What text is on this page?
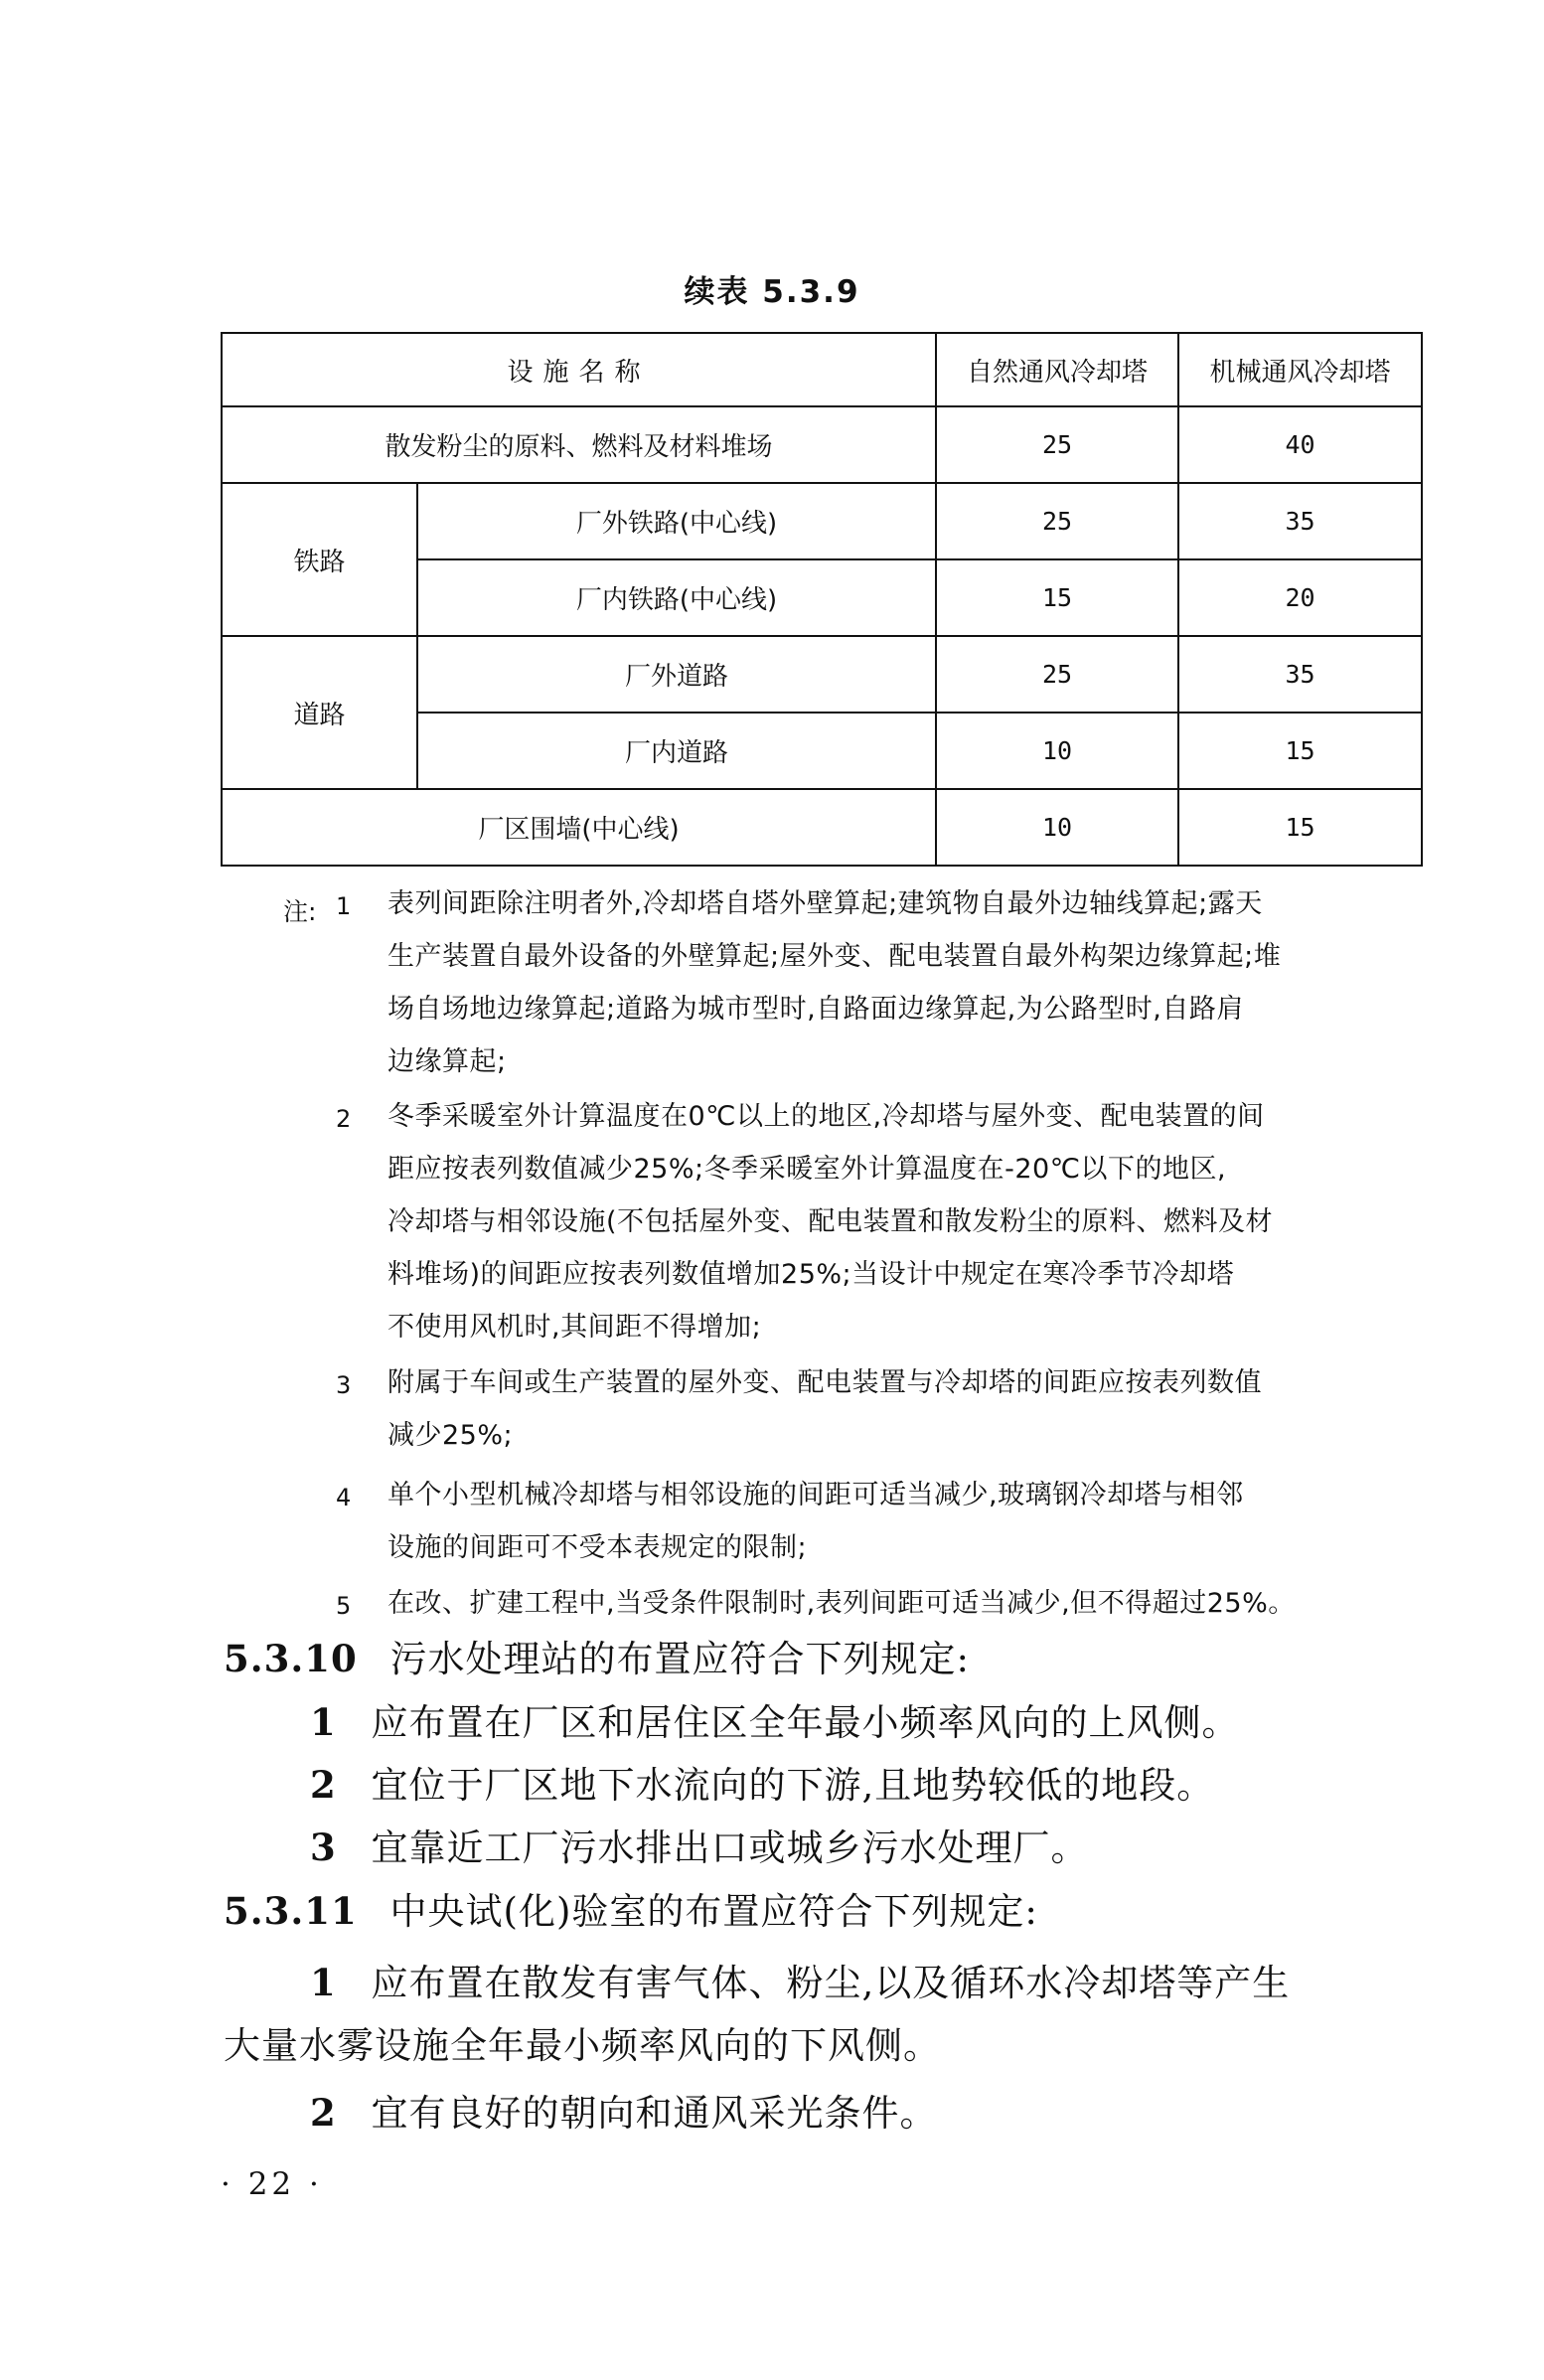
续表 5.3.9
设施名称		自然通风冷却塔	机械通风冷却塔
散发粉尘的原料、燃料及材料堆场		25	40
铁路	厂外铁路(中心线)	25	35
	厂内铁路(中心线)	15	20
道路	厂外道路	25	35
	厂内道路	10	15
厂区围墙(中心线)		10	15
注: 1 表列间距除注明者外,冷却塔自塔外壁算起;建筑物自最外边轴线算起;露天
生产装置自最外设备的外壁算起;屋外变、配电装置自最外构架边缘算起;堆
场自场地边缘算起;道路为城市型时,自路面边缘算起,为公路型时,自路肩
边缘算起;
2 冬季采暖室外计算温度在0℃以上的地区,冷却塔与屋外变、配电装置的间
距应按表列数值减少25%;冬季采暖室外计算温度在-20℃以下的地区,
冷却塔与相邻设施(不包括屋外变、配电装置和散发粉尘的原料、燃料及材
料堆场)的间距应按表列数值增加25%;当设计中规定在寒冷季节冷却塔
不使用风机时,其间距不得增加;
3 附属于车间或生产装置的屋外变、配电装置与冷却塔的间距应按表列数值
减少25%;
4 单个小型机械冷却塔与相邻设施的间距可适当减少,玻璃钢冷却塔与相邻
设施的间距可不受本表规定的限制;
5 在改、扩建工程中,当受条件限制时,表列间距可适当减少,但不得超过25%。
5.3.10 污水处理站的布置应符合下列规定:
1 应布置在厂区和居住区全年最小频率风向的上风侧。
2 宜位于厂区地下水流向的下游,且地势较低的地段。
3 宜靠近工厂污水排出口或城乡污水处理厂。
5.3.11 中央试(化)验室的布置应符合下列规定:
1 应布置在散发有害气体、粉尘,以及循环水冷却塔等产生
大量水雾设施全年最小频率风向的下风侧。
2 宜有良好的朝向和通风采光条件。
· 22 ·
